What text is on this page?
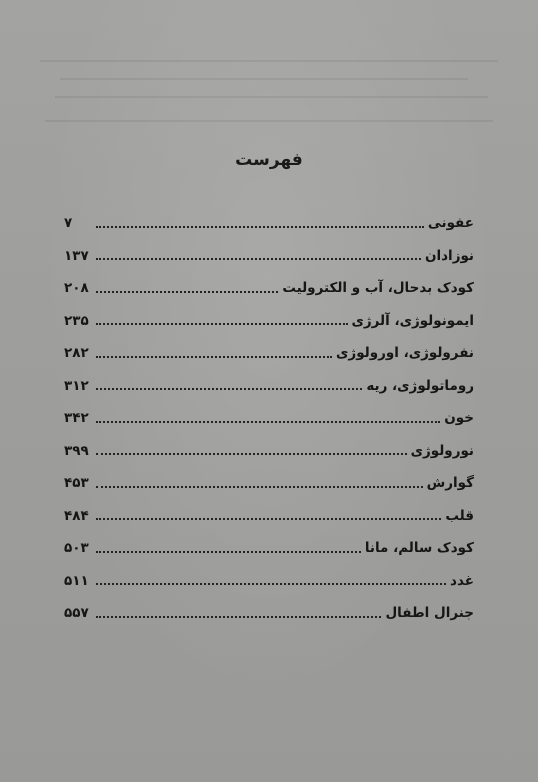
فهرست
عفونی
۷
نوزادان
۱۳۷
کودک بدحال، آب و الکترولیت
۲۰۸
ایمونولوژی، آلرژی
۲۳۵
نفرولوژی، اورولوژی
۲۸۲
روماتولوژی، ریه
۳۱۲
خون
۳۴۲
نورولوژی
۳۹۹
گوارش
۴۵۳
قلب
۴۸۴
کودک سالم، مانا
۵۰۳
غدد
۵۱۱
جنرال اطفال
۵۵۷
